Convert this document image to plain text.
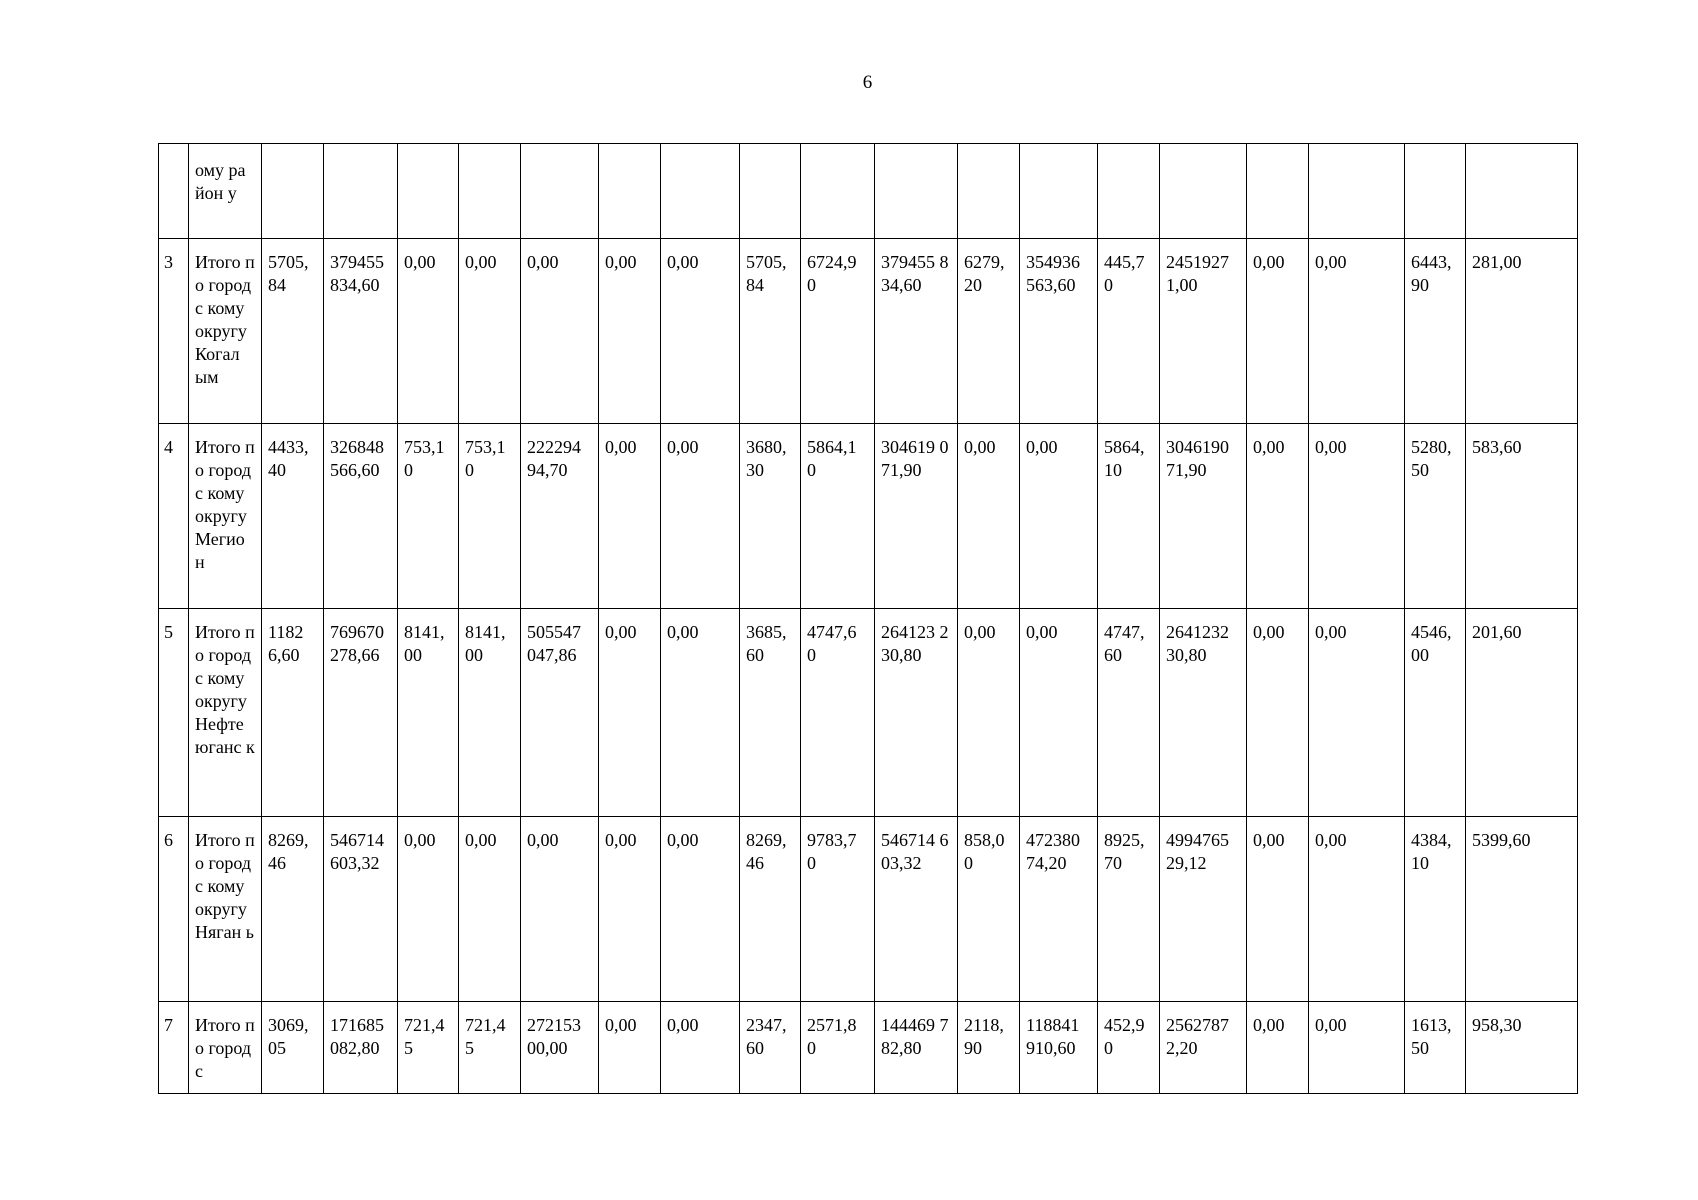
6
	ому район у																			
3	Итого по городс кому округу Когал ым	5705, 84	379455 834,60	0,00	0,00	0,00	0,00	0,00	5705, 84	6724,9 0	379455 834,60	6279, 20	354936 563,60	445,7 0	2451927 1,00	0,00	0,00	6443, 90	281,00	
4	Итого по городс кому округу Мегио н	4433, 40	326848 566,60	753,1 0	753,1 0	222294 94,70	0,00	0,00	3680, 30	5864,1 0	304619 071,90	0,00	0,00	5864, 10	3046190 71,90	0,00	0,00	5280, 50	583,60	
5	Итого по городс кому округу Нефте юганс к	1182 6,60	769670 278,66	8141, 00	8141, 00	505547 047,86	0,00	0,00	3685, 60	4747,6 0	264123 230,80	0,00	0,00	4747, 60	2641232 30,80	0,00	0,00	4546, 00	201,60	
6	Итого по городс кому округу Няган ь	8269, 46	546714 603,32	0,00	0,00	0,00	0,00	0,00	8269, 46	9783,7 0	546714 603,32	858,0 0	472380 74,20	8925, 70	4994765 29,12	0,00	0,00	4384, 10	5399,60	
7	Итого по городс	3069, 05	171685 082,80	721,4 5	721,4 5	272153 00,00	0,00	0,00	2347, 60	2571,8 0	144469 782,80	2118, 90	118841 910,60	452,9 0	2562787 2,20	0,00	0,00	1613, 50	958,30	
